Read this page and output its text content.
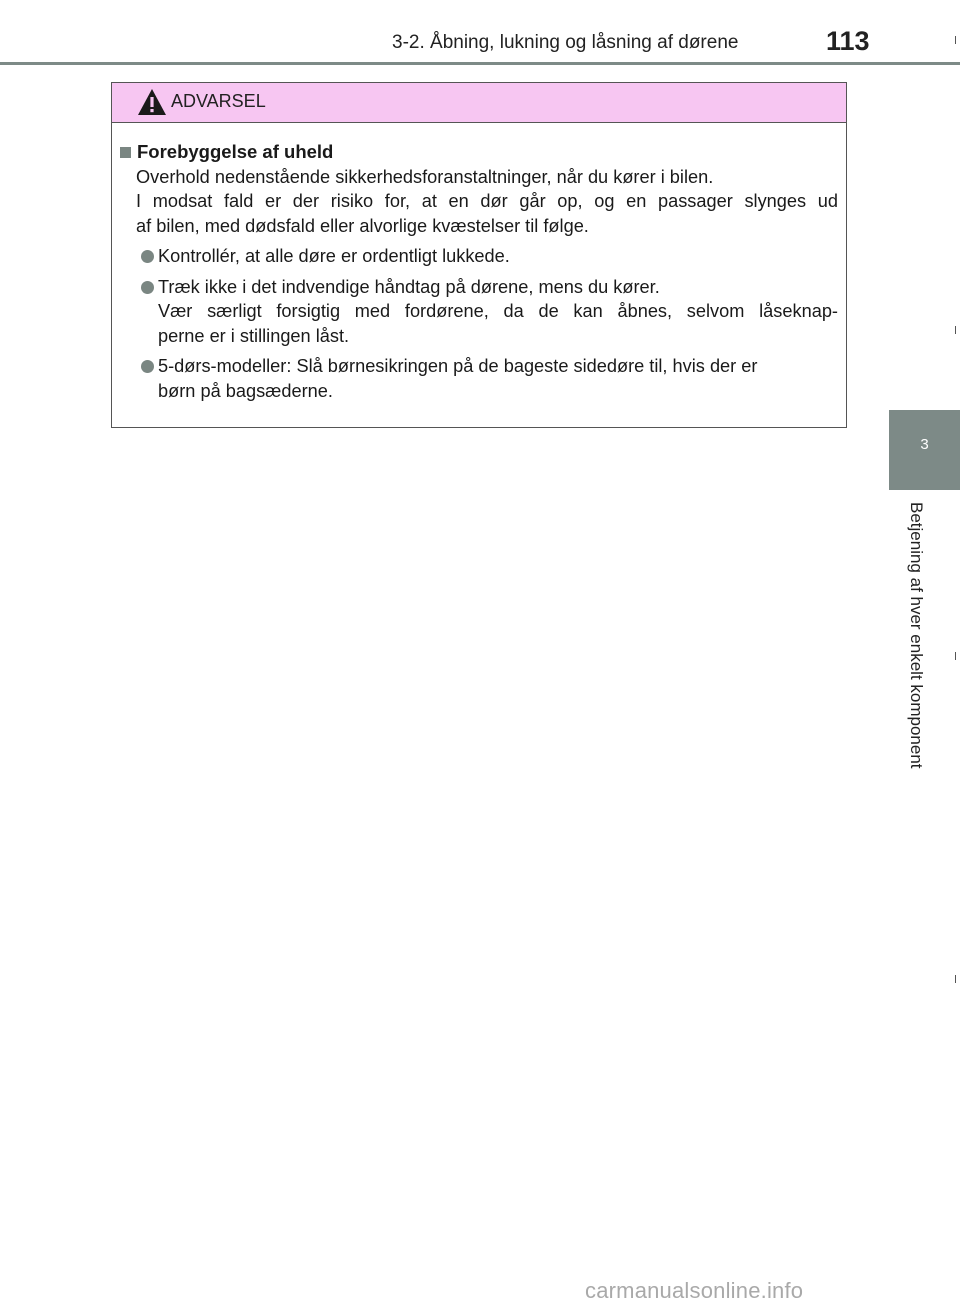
3-2. Åbning, lukning og låsning af dørene	113
3
Betjening af hver enkelt komponent
ADVARSEL
Forebyggelse af uheld
Overhold nedenstående sikkerhedsforanstaltninger, når du kører i bilen.
I modsat fald er der risiko for, at en dør går op, og en passager slynges ud
af bilen, med dødsfald eller alvorlige kvæstelser til følge.
Kontrollér, at alle døre er ordentligt lukkede.
Træk ikke i det indvendige håndtag på dørene, mens du kører.
Vær særligt forsigtig med fordørene, da de kan åbnes, selvom låseknap-
perne er i stillingen låst.
5-dørs-modeller: Slå børnesikringen på de bageste sidedøre til, hvis der er
børn på bagsæderne.
carmanualsonline.info
